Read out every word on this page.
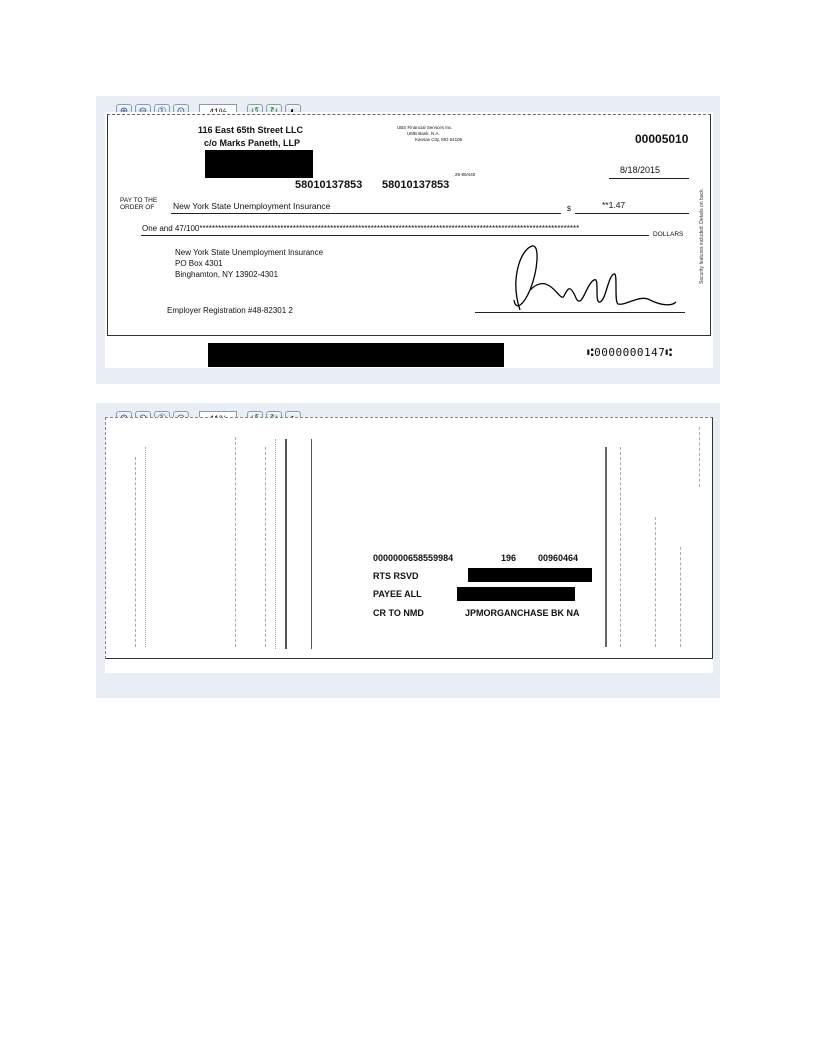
116 East 65th Street LLC
c/o Marks Paneth, LLP
UBS Financial Services Inc.
UMB Bank, N.A.
Kansas City, MO 64106	00005010
25-80/440
58010137853 58010137853
8/18/2015
PAY TO THE
ORDER OF New York State Unemployment Insurance	$	**1.47
One and 47/100**************************************************************************************************************************
DOLLARS
New York State Unemployment Insurance
PO Box 4301
Binghamton, NY 13902-4301
Employer Registration #48-82301 2
Security features included. Details on back.
⑆0000000147⑆
0000000658559984	196 00960464
RTS RSVD
PAYEE ALL
CR TO NMD	JPMORGANCHASE BK NA
